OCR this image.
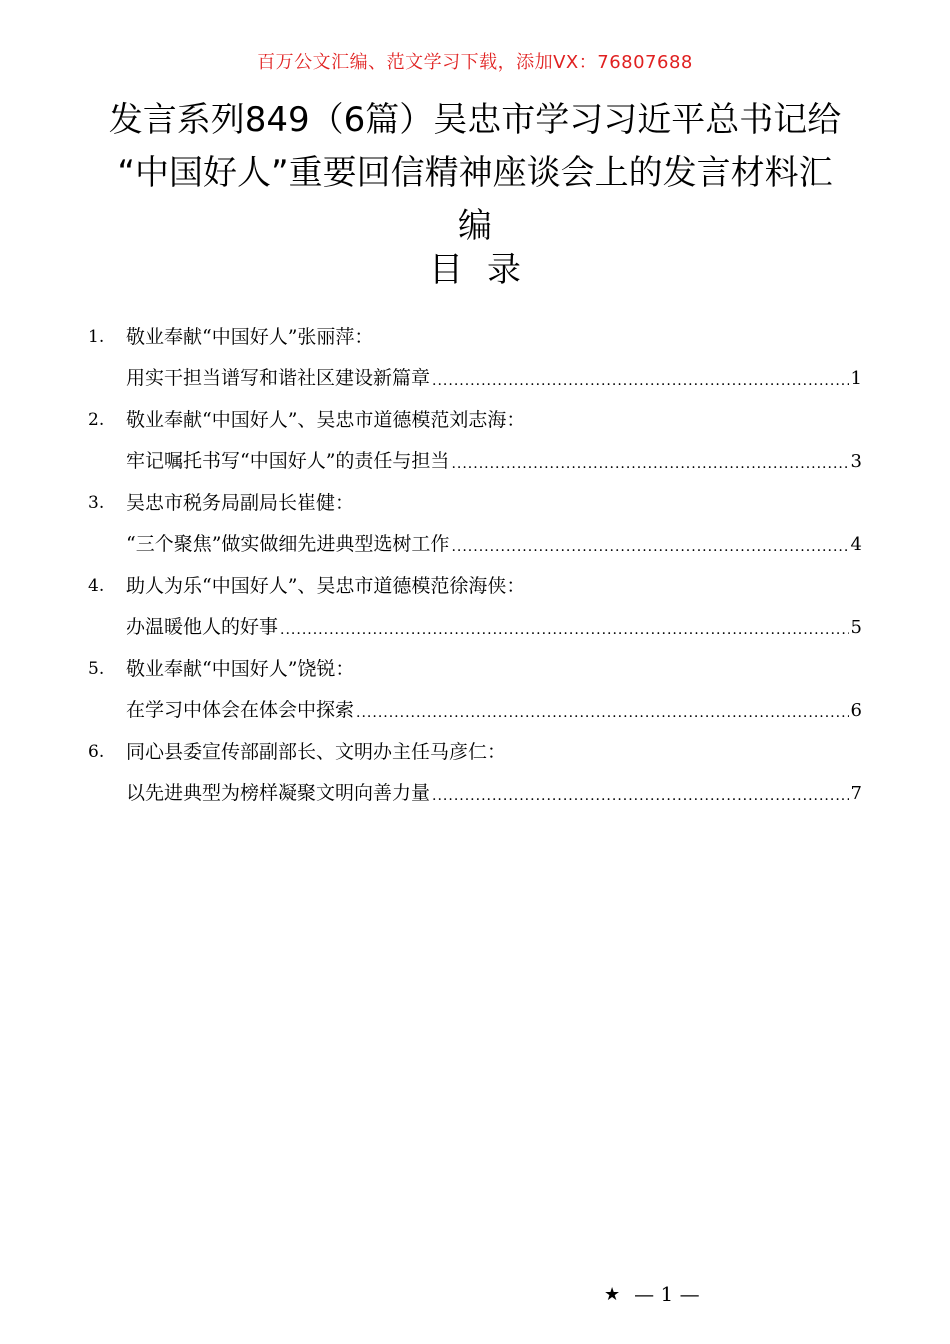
百万公文汇编、范文学习下载，添加VX：76807688
发言系列849（6篇）吴忠市学习习近平总书记给
“中国好人”重要回信精神座谈会上的发言材料汇
编
目录
1.	敬业奉献“中国好人”张丽萍：
用实干担当谱写和谐社区建设新篇章 .....	1
2.	敬业奉献“中国好人”、吴忠市道德模范刘志海：
牢记嘱托书写“中国好人”的责任与担当 .....	3
3.	吴忠市税务局副局长崔健：
“三个聚焦”做实做细先进典型选树工作 .....	4
4.	助人为乐“中国好人”、吴忠市道德模范徐海侠：
办温暖他人的好事 .....	5
5.	敬业奉献“中国好人”饶锐：
在学习中体会在体会中探索 .....	6
6.	同心县委宣传部副部长、文明办主任马彦仁：
以先进典型为榜样凝聚文明向善力量 .....	7
★ — 1 —
